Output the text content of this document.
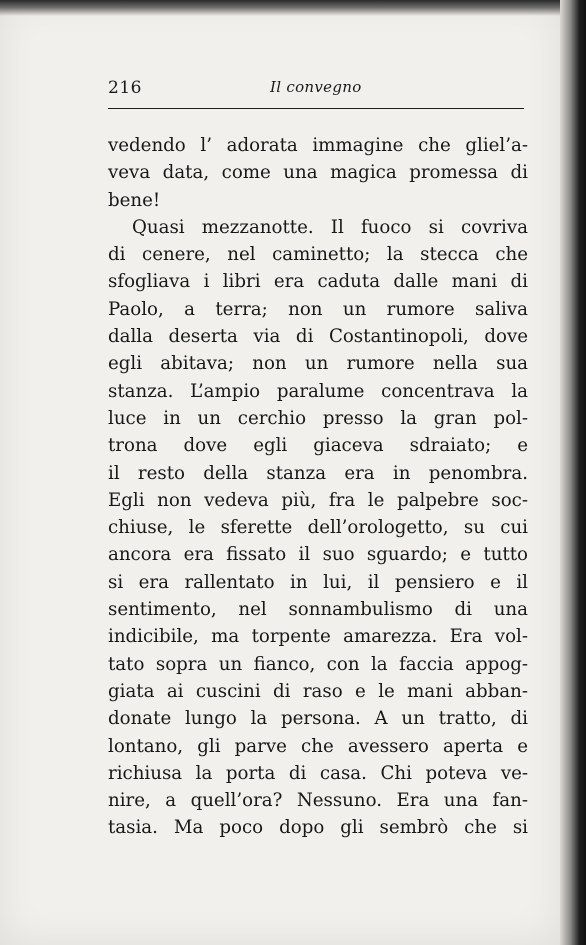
216	Il convegno
vedendo l’ adorata immagine che gliel’a-
veva data, come una magica promessa di
bene!
Quasi mezzanotte. Il fuoco si covriva
di cenere, nel caminetto; la stecca che
sfogliava i libri era caduta dalle mani di
Paolo, a terra; non un rumore saliva
dalla deserta via di Costantinopoli, dove
egli abitava; non un rumore nella sua
stanza. L’ampio paralume concentrava la
luce in un cerchio presso la gran pol-
trona dove egli giaceva sdraiato; e
il resto della stanza era in penombra.
Egli non vedeva più, fra le palpebre soc-
chiuse, le sferette dell’orologetto, su cui
ancora era fissato il suo sguardo; e tutto
si era rallentato in lui, il pensiero e il
sentimento, nel sonnambulismo di una
indicibile, ma torpente amarezza. Era vol-
tato sopra un fianco, con la faccia appog-
giata ai cuscini di raso e le mani abban-
donate lungo la persona. A un tratto, di
lontano, gli parve che avessero aperta e
richiusa la porta di casa. Chi poteva ve-
nire, a quell’ora? Nessuno. Era una fan-
tasia. Ma poco dopo gli sembrò che si
